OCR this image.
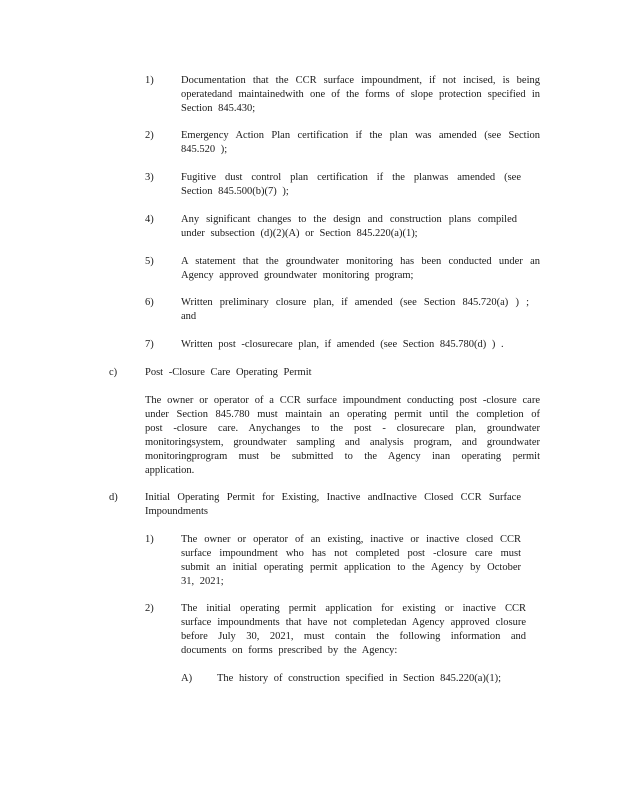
1)	Documentation that the CCR surface impoundment, if not incised, is being operatedand maintainedwith one of the forms of slope protection specified in Section 845.430;
2)	Emergency Action Plan certification if the plan was amended (see Section 845.520 );
3)	Fugitive dust control plan certification if the planwas amended (see Section 845.500(b)(7) );
4)	Any significant changes to the design and construction plans compiled under subsection (d)(2)(A) or Section 845.220(a)(1);
5)	A statement that the groundwater monitoring has been conducted under an Agency approved groundwater monitoring program;
6)	Written preliminary closure plan, if amended (see Section 845.720(a) ) ; and
7)	Written post -closurecare plan, if amended (see Section 845.780(d) ) .
c)	Post -Closure Care Operating Permit
The owner or operator of a CCR surface impoundment conducting post -closure care under Section 845.780 must maintain an operating permit until the completion of post -closure care. Anychanges to the post - closurecare plan, groundwater monitoringsystem, groundwater sampling and analysis program, and groundwater monitoringprogram must be submitted to the Agency inan operating permit application.
d)	Initial Operating Permit for Existing, Inactive andInactive Closed CCR Surface Impoundments
1)	The owner or operator of an existing, inactive or inactive closed CCR surface impoundment who has not completed post -closure care must submit an initial operating permit application to the Agency by October 31, 2021;
2)	The initial operating permit application for existing or inactive CCR surface impoundments that have not completedan Agency approved closure before July 30, 2021, must contain the following information and documents on forms prescribed by the Agency:
A) The history of construction specified in Section 845.220(a)(1);
